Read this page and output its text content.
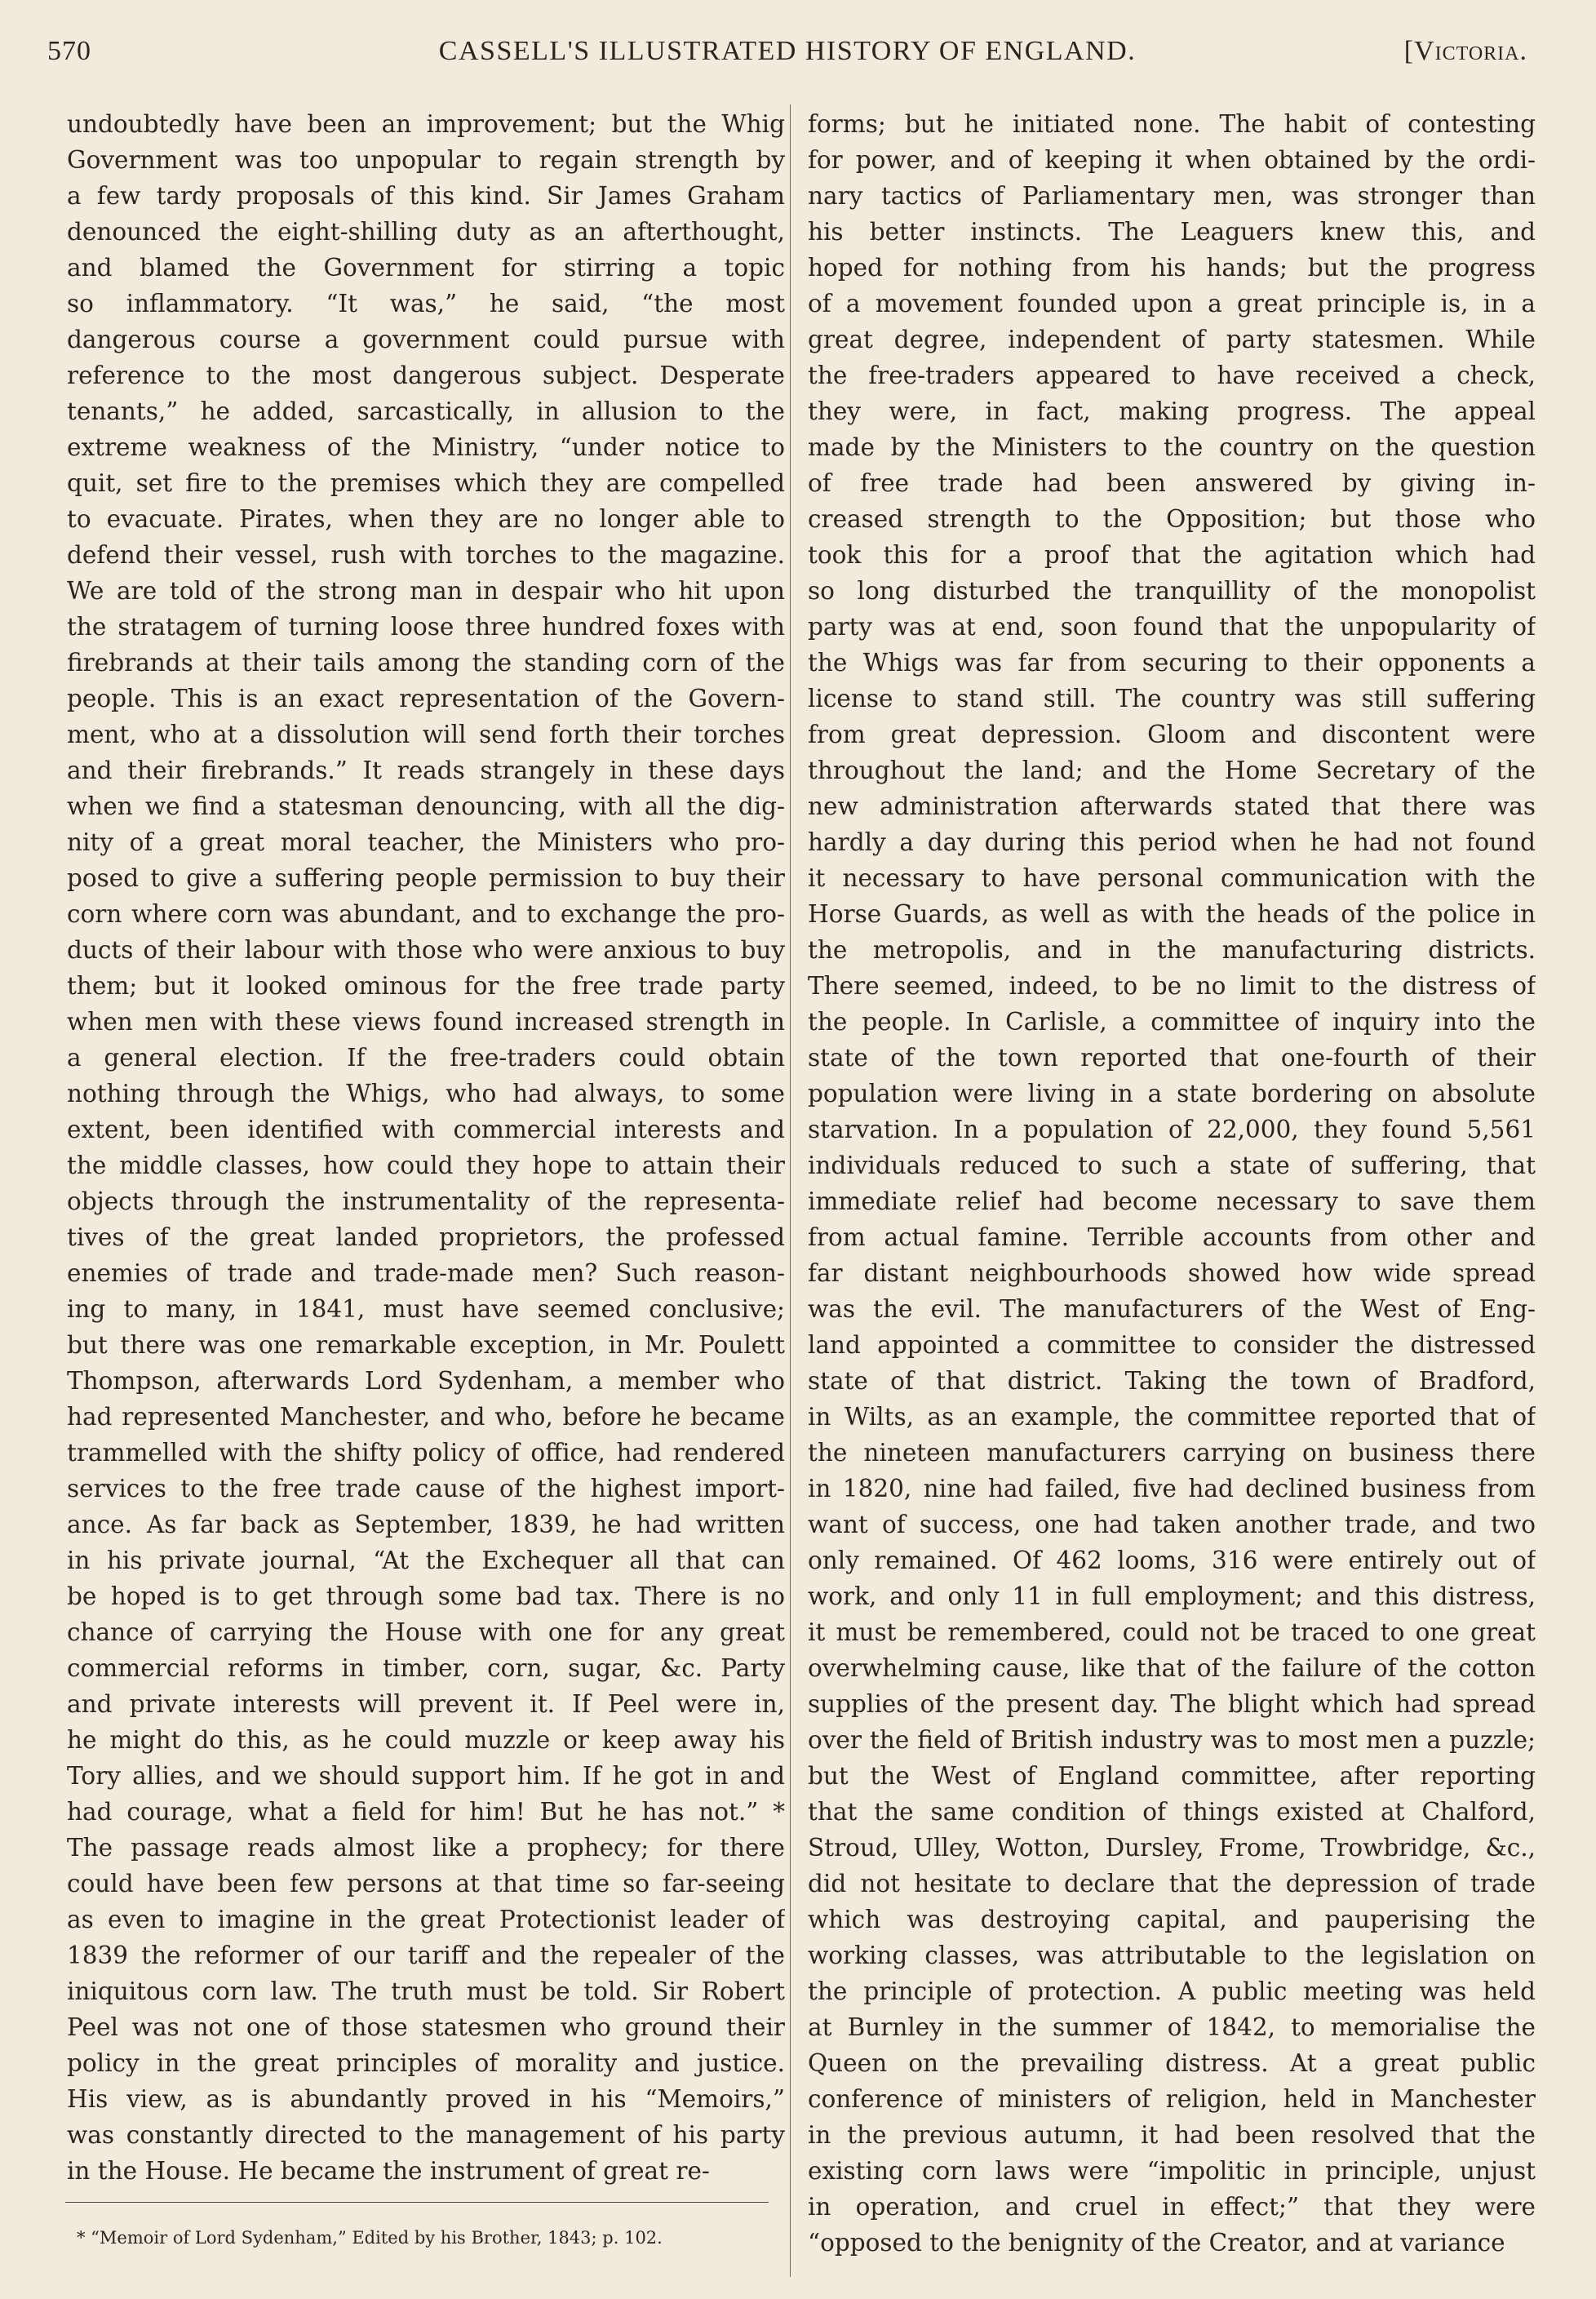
570	CASSELL'S ILLUSTRATED HISTORY OF ENGLAND.	[Victoria.
undoubtedly have been an improvement; but the Whig
Government was too unpopular to regain strength by
a few tardy proposals of this kind. Sir James Graham
denounced the eight-shilling duty as an afterthought,
and blamed the Government for stirring a topic
so inflammatory. “It was,” he said, “the most
dangerous course a government could pursue with
reference to the most dangerous subject. Desperate
tenants,” he added, sarcastically, in allusion to the
extreme weakness of the Ministry, “under notice to
quit, set fire to the premises which they are compelled
to evacuate. Pirates, when they are no longer able to
defend their vessel, rush with torches to the magazine.
We are told of the strong man in despair who hit upon
the stratagem of turning loose three hundred foxes with
firebrands at their tails among the standing corn of the
people. This is an exact representation of the Govern-
ment, who at a dissolution will send forth their torches
and their firebrands.” It reads strangely in these days
when we find a statesman denouncing, with all the dig-
nity of a great moral teacher, the Ministers who pro-
posed to give a suffering people permission to buy their
corn where corn was abundant, and to exchange the pro-
ducts of their labour with those who were anxious to buy
them; but it looked ominous for the free trade party
when men with these views found increased strength in
a general election. If the free-traders could obtain
nothing through the Whigs, who had always, to some
extent, been identified with commercial interests and
the middle classes, how could they hope to attain their
objects through the instrumentality of the representa-
tives of the great landed proprietors, the professed
enemies of trade and trade-made men? Such reason-
ing to many, in 1841, must have seemed conclusive;
but there was one remarkable exception, in Mr. Poulett
Thompson, afterwards Lord Sydenham, a member who
had represented Manchester, and who, before he became
trammelled with the shifty policy of office, had rendered
services to the free trade cause of the highest import-
ance. As far back as September, 1839, he had written
in his private journal, “At the Exchequer all that can
be hoped is to get through some bad tax. There is no
chance of carrying the House with one for any great
commercial reforms in timber, corn, sugar, &c. Party
and private interests will prevent it. If Peel were in,
he might do this, as he could muzzle or keep away his
Tory allies, and we should support him. If he got in and
had courage, what a field for him! But he has not.” *
The passage reads almost like a prophecy; for there
could have been few persons at that time so far-seeing
as even to imagine in the great Protectionist leader of
1839 the reformer of our tariff and the repealer of the
iniquitous corn law. The truth must be told. Sir Robert
Peel was not one of those statesmen who ground their
policy in the great principles of morality and justice.
His view, as is abundantly proved in his “Memoirs,”
was constantly directed to the management of his party
in the House. He became the instrument of great re-
forms; but he initiated none. The habit of contesting
for power, and of keeping it when obtained by the ordi-
nary tactics of Parliamentary men, was stronger than
his better instincts. The Leaguers knew this, and
hoped for nothing from his hands; but the progress
of a movement founded upon a great principle is, in a
great degree, independent of party statesmen. While
the free-traders appeared to have received a check,
they were, in fact, making progress. The appeal
made by the Ministers to the country on the question
of free trade had been answered by giving in-
creased strength to the Opposition; but those who
took this for a proof that the agitation which had
so long disturbed the tranquillity of the monopolist
party was at end, soon found that the unpopularity of
the Whigs was far from securing to their opponents a
license to stand still. The country was still suffering
from great depression. Gloom and discontent were
throughout the land; and the Home Secretary of the
new administration afterwards stated that there was
hardly a day during this period when he had not found
it necessary to have personal communication with the
Horse Guards, as well as with the heads of the police in
the metropolis, and in the manufacturing districts.
There seemed, indeed, to be no limit to the distress of
the people. In Carlisle, a committee of inquiry into the
state of the town reported that one-fourth of their
population were living in a state bordering on absolute
starvation. In a population of 22,000, they found 5,561
individuals reduced to such a state of suffering, that
immediate relief had become necessary to save them
from actual famine. Terrible accounts from other and
far distant neighbourhoods showed how wide spread
was the evil. The manufacturers of the West of Eng-
land appointed a committee to consider the distressed
state of that district. Taking the town of Bradford,
in Wilts, as an example, the committee reported that of
the nineteen manufacturers carrying on business there
in 1820, nine had failed, five had declined business from
want of success, one had taken another trade, and two
only remained. Of 462 looms, 316 were entirely out of
work, and only 11 in full employment; and this distress,
it must be remembered, could not be traced to one great
overwhelming cause, like that of the failure of the cotton
supplies of the present day. The blight which had spread
over the field of British industry was to most men a puzzle;
but the West of England committee, after reporting
that the same condition of things existed at Chalford,
Stroud, Ulley, Wotton, Dursley, Frome, Trowbridge, &c.,
did not hesitate to declare that the depression of trade
which was destroying capital, and pauperising the
working classes, was attributable to the legislation on
the principle of protection. A public meeting was held
at Burnley in the summer of 1842, to memorialise the
Queen on the prevailing distress. At a great public
conference of ministers of religion, held in Manchester
in the previous autumn, it had been resolved that the
existing corn laws were “impolitic in principle, unjust
in operation, and cruel in effect;” that they were
“opposed to the benignity of the Creator, and at variance
* “Memoir of Lord Sydenham,” Edited by his Brother, 1843; p. 102.
